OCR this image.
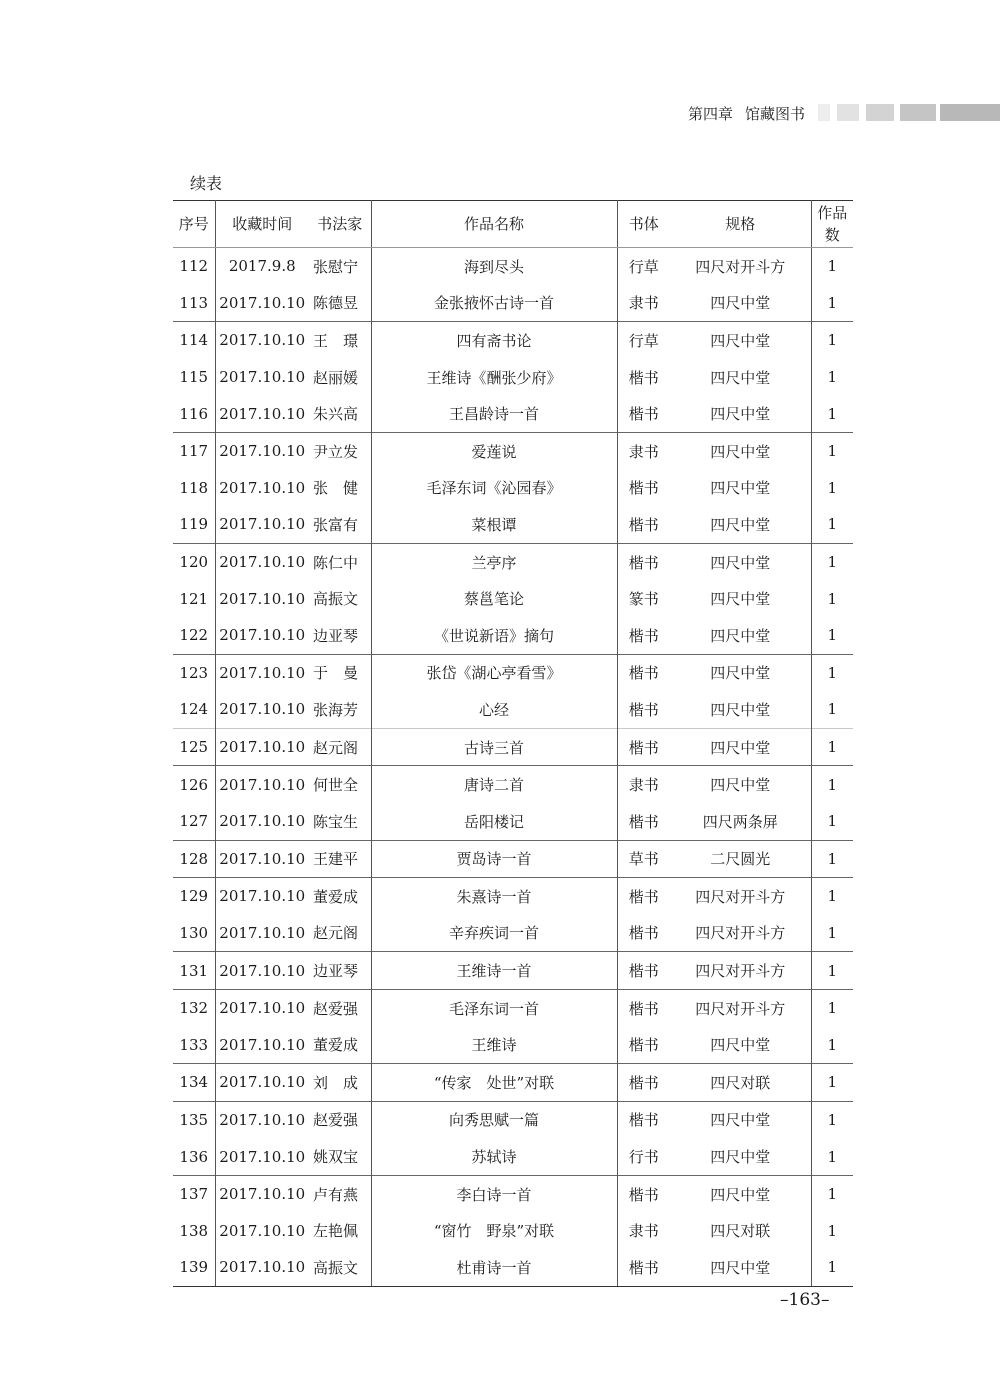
第四章 馆藏图书
续表
序号	收藏时间	书法家	作品名称	书体	规格	作品数
112	2017.9.8	张慰宁	海到尽头	行草	四尺对开斗方	1
113	2017.10.10	陈德昱	金张掖怀古诗一首	隶书	四尺中堂	1
114	2017.10.10	王　璟	四有斋书论	行草	四尺中堂	1
115	2017.10.10	赵丽媛	王维诗《酬张少府》	楷书	四尺中堂	1
116	2017.10.10	朱兴高	王昌龄诗一首	楷书	四尺中堂	1
117	2017.10.10	尹立发	爱莲说	隶书	四尺中堂	1
118	2017.10.10	张　健	毛泽东词《沁园春》	楷书	四尺中堂	1
119	2017.10.10	张富有	菜根谭	楷书	四尺中堂	1
120	2017.10.10	陈仁中	兰亭序	楷书	四尺中堂	1
121	2017.10.10	高振文	蔡邕笔论	篆书	四尺中堂	1
122	2017.10.10	边亚琴	《世说新语》摘句	楷书	四尺中堂	1
123	2017.10.10	于　曼	张岱《湖心亭看雪》	楷书	四尺中堂	1
124	2017.10.10	张海芳	心经	楷书	四尺中堂	1
125	2017.10.10	赵元阁	古诗三首	楷书	四尺中堂	1
126	2017.10.10	何世全	唐诗二首	隶书	四尺中堂	1
127	2017.10.10	陈宝生	岳阳楼记	楷书	四尺两条屏	1
128	2017.10.10	王建平	贾岛诗一首	草书	二尺圆光	1
129	2017.10.10	董爱成	朱熹诗一首	楷书	四尺对开斗方	1
130	2017.10.10	赵元阁	辛弃疾词一首	楷书	四尺对开斗方	1
131	2017.10.10	边亚琴	王维诗一首	楷书	四尺对开斗方	1
132	2017.10.10	赵爱强	毛泽东词一首	楷书	四尺对开斗方	1
133	2017.10.10	董爱成	王维诗	楷书	四尺中堂	1
134	2017.10.10	刘　成	“传家　处世”对联	楷书	四尺对联	1
135	2017.10.10	赵爱强	向秀思赋一篇	楷书	四尺中堂	1
136	2017.10.10	姚双宝	苏轼诗	行书	四尺中堂	1
137	2017.10.10	卢有燕	李白诗一首	楷书	四尺中堂	1
138	2017.10.10	左艳佩	“窗竹　野泉”对联	隶书	四尺对联	1
139	2017.10.10	高振文	杜甫诗一首	楷书	四尺中堂	1
–163–
